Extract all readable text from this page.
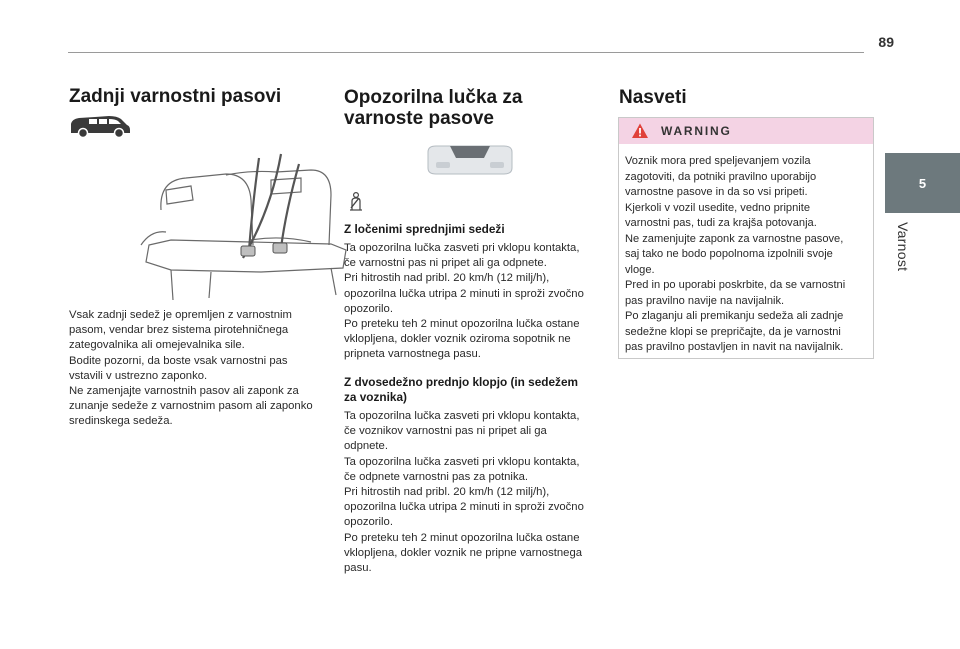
89
5
Varnost
Zadnji varnostni pasovi

Vsak zadnji sedež je opremljen z varnostnim

pasom, vendar brez sistema pirotehničnega

zategovalnika ali omejevalnika sile.

Bodite pozorni, da boste vsak varnostni pas

vstavili v ustrezno zaponko.

Ne zamenjajte varnostnih pasov ali zaponk za

zunanje sedeže z varnostnim pasom ali zaponko

sredinskega sedeža.

Opozorilna lučka za
varnoste pasove
Z ločenimi sprednjimi sedeži

Ta opozorilna lučka zasveti pri vklopu kontakta,

če varnostni pas ni pripet ali ga odpnete.

Pri hitrostih nad pribl. 20 km/h (12 milj/h),

opozorilna lučka utripa 2 minuti in sproži zvočno

opozorilo.

Po preteku teh 2 minut opozorilna lučka ostane

vklopljena, dokler voznik oziroma sopotnik ne

pripneta varnostnega pasu.

Z dvosedežno prednjo klopjo (in sedežem
za voznika)

Ta opozorilna lučka zasveti pri vklopu kontakta,

če voznikov varnostni pas ni pripet ali ga

odpnete.

Ta opozorilna lučka zasveti pri vklopu kontakta,

če odpnete varnostni pas za potnika.

Pri hitrostih nad pribl. 20 km/h (12 milj/h),

opozorilna lučka utripa 2 minuti in sproži zvočno

opozorilo.

Po preteku teh 2 minut opozorilna lučka ostane

vklopljena, dokler voznik ne pripne varnostnega

pasu.

Nasveti
WARNING

Voznik mora pred speljevanjem vozila

zagotoviti, da potniki pravilno uporabijo

varnostne pasove in da so vsi pripeti.

Kjerkoli v vozil usedite, vedno pripnite

varnostni pas, tudi za krajša potovanja.

Ne zamenjujte zaponk za varnostne pasove,

saj tako ne bodo popolnoma izpolnili svoje

vloge.

Pred in po uporabi poskrbite, da se varnostni

pas pravilno navije na navijalnik.

Po zlaganju ali premikanju sedeža ali zadnje

sedežne klopi se prepričajte, da je varnostni

pas pravilno postavljen in navit na navijalnik.
